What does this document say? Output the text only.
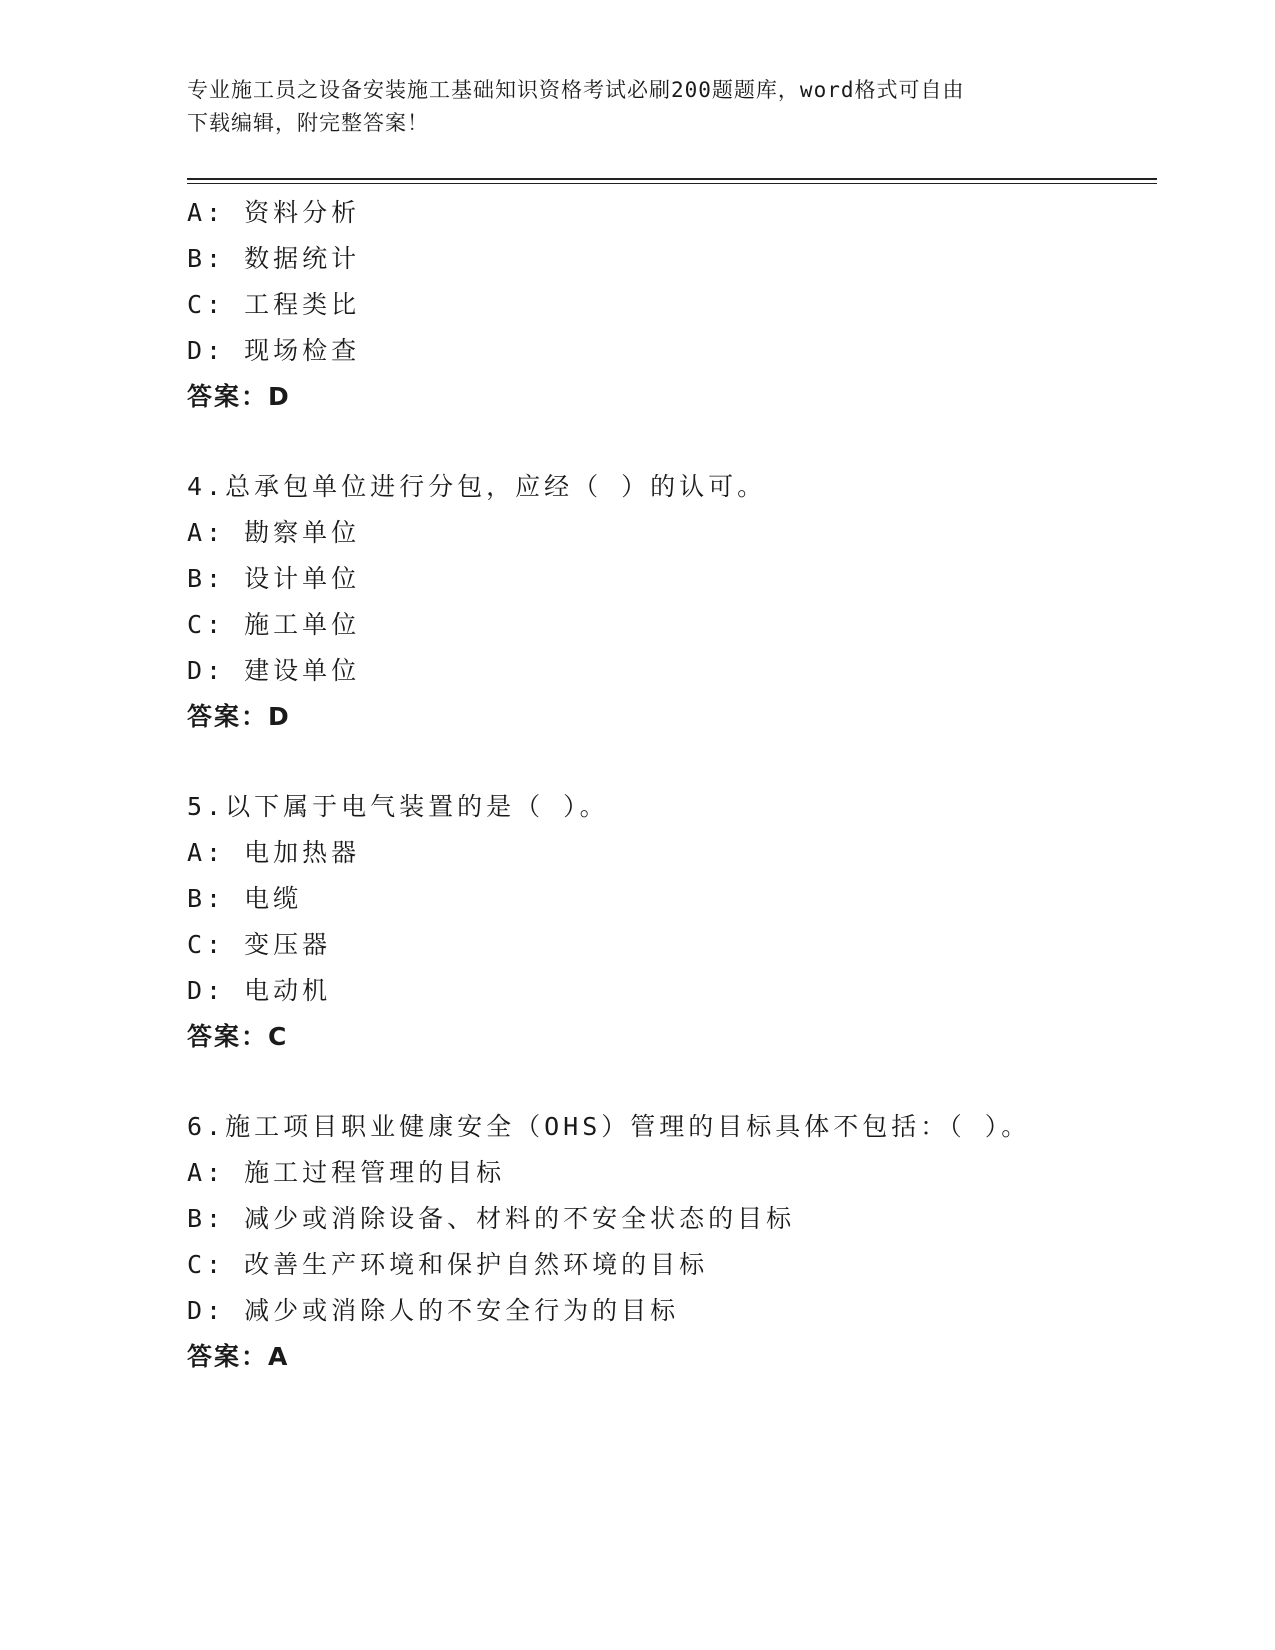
专业施工员之设备安装施工基础知识资格考试必刷200题题库，word格式可自由
下载编辑，附完整答案！
A: 资料分析
B: 数据统计
C: 工程类比
D: 现场检查
答案：D
4.总承包单位进行分包，应经（ ）的认可。
A: 勘察单位
B: 设计单位
C: 施工单位
D: 建设单位
答案：D
5.以下属于电气装置的是（ ）。
A: 电加热器
B: 电缆
C: 变压器
D: 电动机
答案：C
6.施工项目职业健康安全（OHS）管理的目标具体不包括：（ ）。
A: 施工过程管理的目标
B: 减少或消除设备、材料的不安全状态的目标
C: 改善生产环境和保护自然环境的目标
D: 减少或消除人的不安全行为的目标
答案：A
